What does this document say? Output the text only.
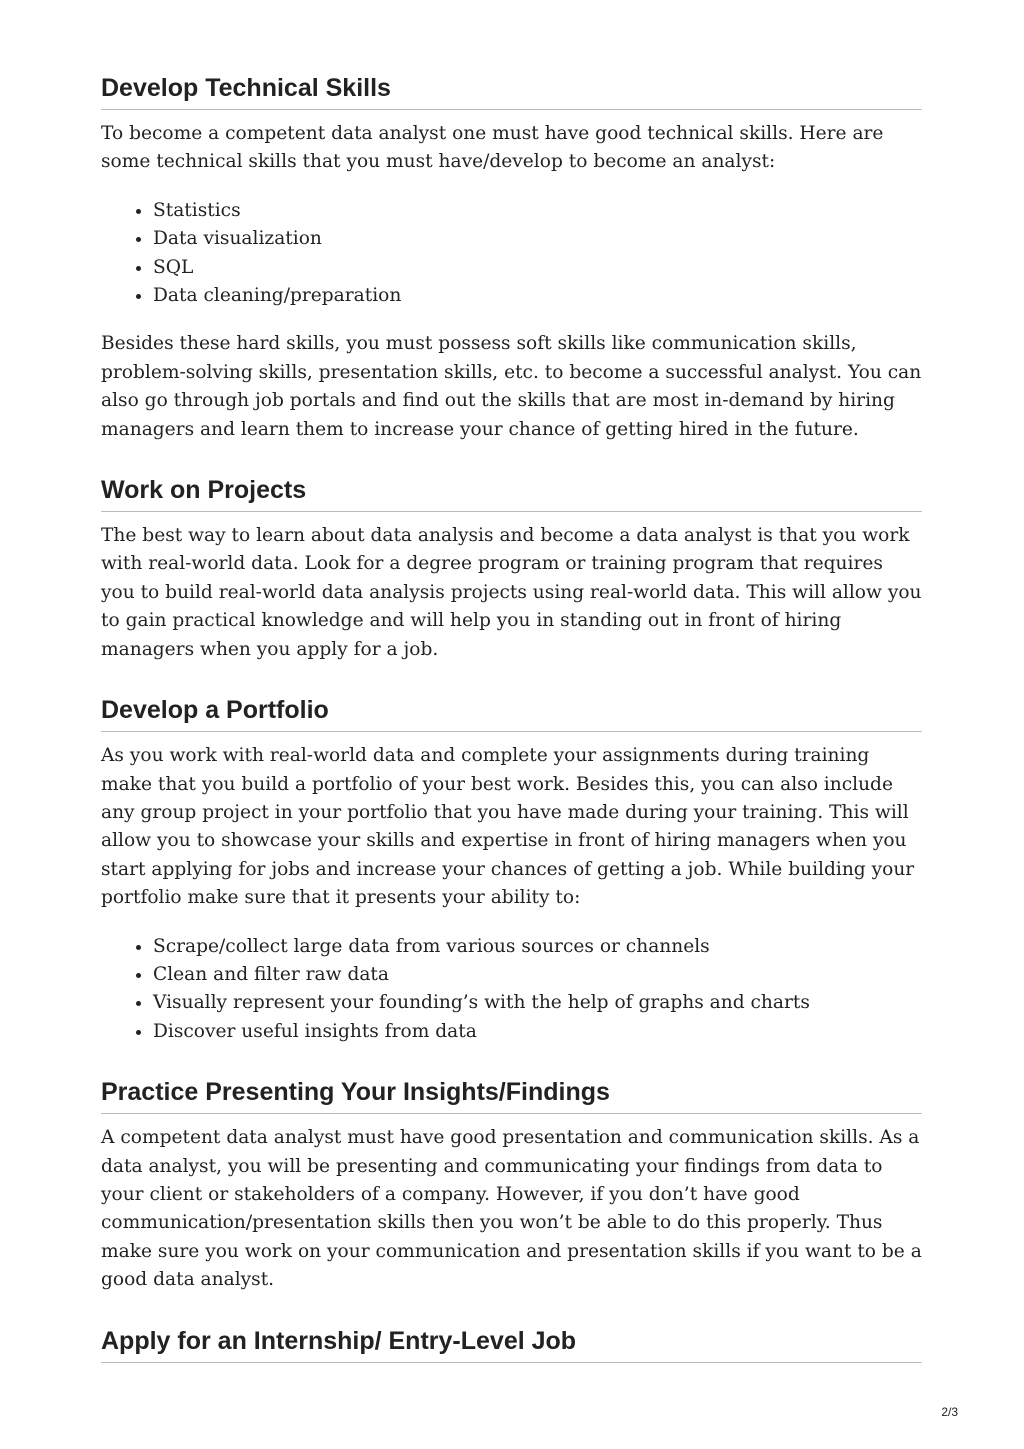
Develop Technical Skills

To become a competent data analyst one must have good technical skills. Here are some technical skills that you must have/develop to become an analyst:

• Statistics
• Data visualization
• SQL
• Data cleaning/preparation

Besides these hard skills, you must possess soft skills like communication skills, problem-solving skills, presentation skills, etc. to become a successful analyst. You can also go through job portals and find out the skills that are most in-demand by hiring managers and learn them to increase your chance of getting hired in the future.

Work on Projects

The best way to learn about data analysis and become a data analyst is that you work with real-world data. Look for a degree program or training program that requires you to build real-world data analysis projects using real-world data. This will allow you to gain practical knowledge and will help you in standing out in front of hiring managers when you apply for a job.

Develop a Portfolio

As you work with real-world data and complete your assignments during training make that you build a portfolio of your best work. Besides this, you can also include any group project in your portfolio that you have made during your training. This will allow you to showcase your skills and expertise in front of hiring managers when you start applying for jobs and increase your chances of getting a job. While building your portfolio make sure that it presents your ability to:

• Scrape/collect large data from various sources or channels
• Clean and filter raw data
• Visually represent your founding’s with the help of graphs and charts
• Discover useful insights from data
Practice Presenting Your Insights/Findings

A competent data analyst must have good presentation and communication skills. As a data analyst, you will be presenting and communicating your findings from data to your client or stakeholders of a company. However, if you don’t have good communication/presentation skills then you won’t be able to do this properly. Thus make sure you work on your communication and presentation skills if you want to be a good data analyst.

Apply for an Internship/ Entry-Level Job
2/3
